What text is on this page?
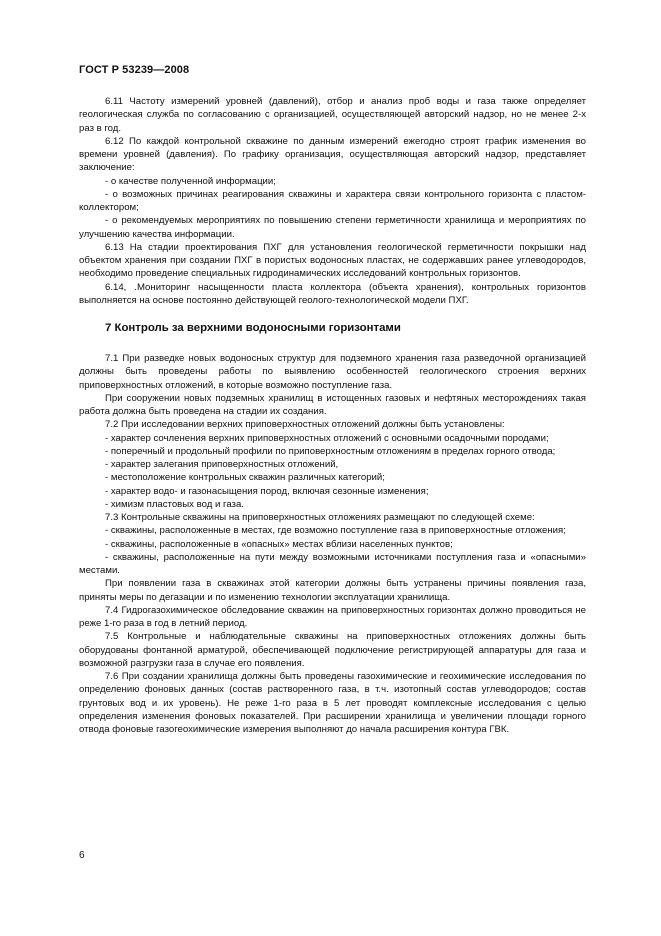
ГОСТ Р 53239—2008

6.11 Частоту измерений уровней (давлений), отбор и анализ проб воды и газа также определяет геологическая служба по согласованию с организацией, осуществляющей авторский надзор, но не менее 2-х раз в год.

6.12 По каждой контрольной скважине по данным измерений ежегодно строят график изменения во времени уровней (давления). По графику организация, осуществляющая авторский надзор, представляет заключение:

- о качестве полученной информации;

- о возможных причинах реагирования скважины и характера связи контрольного горизонта с пластом-коллектором;

- о рекомендуемых мероприятиях по повышению степени герметичности хранилища и мероприятиях по улучшению качества информации.

6.13 На стадии проектирования ПХГ для установления геологической герметичности покрышки над объектом хранения при создании ПХГ в пористых водоносных пластах, не содержавших ранее углеводородов, необходимо проведение специальных гидродинамических исследований контрольных горизонтов.

6.14, .Мониторинг насыщенности пласта коллектора (объекта хранения), контрольных горизонтов выполняется на основе постоянно действующей геолого-технологической модели ПХГ.

7 Контроль за верхними водоносными горизонтами

7.1 При разведке новых водоносных структур для подземного хранения газа разведочной организацией должны быть проведены работы по выявлению особенностей геологического строения верхних приповерхностных отложений, в которые возможно поступление газа.

При сооружении новых подземных хранилищ в истощенных газовых и нефтяных месторождениях такая работа должна быть проведена на стадии их создания.

7.2 При исследовании верхних приповерхностных отложений должны быть установлены:

- характер сочленения верхних приповерхностных отложений с основными осадочными породами;

- поперечный и продольный профили по приповерхностным отложениям в пределах горного отвода;

- характер залегания приповерхностных отложений,

- местоположение контрольных скважин различных категорий;

- характер водо- и газонасыщения пород, включая сезонные изменения;

- химизм пластовых вод и газа.

7.3 Контрольные скважины на приповерхностных отложениях размещают по следующей схеме:

- скважины, расположенные в местах, где возможно поступление газа в приповерхностные отложения;

- скважины, расположенные в «опасных» местах вблизи населенных пунктов;

- скважины, расположенные на пути между возможными источниками поступления газа и «опасными» местами.

При появлении газа в скважинах этой категории должны быть устранены причины появления газа, приняты меры по дегазации и по изменению технологии эксплуатации хранилища.

7.4 Гидрогазохимическое обследование скважин на приповерхностных горизонтах должно проводиться не реже 1-го раза в год в летний период.

7.5 Контрольные и наблюдательные скважины на приповерхностных отложениях должны быть оборудованы фонтанной арматурой, обеспечивающей подключение регистрирующей аппаратуры для газа и возможной разгрузки газа в случае его появления.

7.6 При создании хранилища должны быть проведены газохимические и геохимические исследования по определению фоновых данных (состав растворенного газа, в т.ч. изотопный состав углеводородов; состав грунтовых вод и их уровень). Не реже 1-го раза в 5 лет проводят комплексные исследования с целью определения изменения фоновых показателей. При расширении хранилища и увеличении площади горного отвода фоновые газогеохимические измерения выполняют до начала расширения контура ГВК.

6
